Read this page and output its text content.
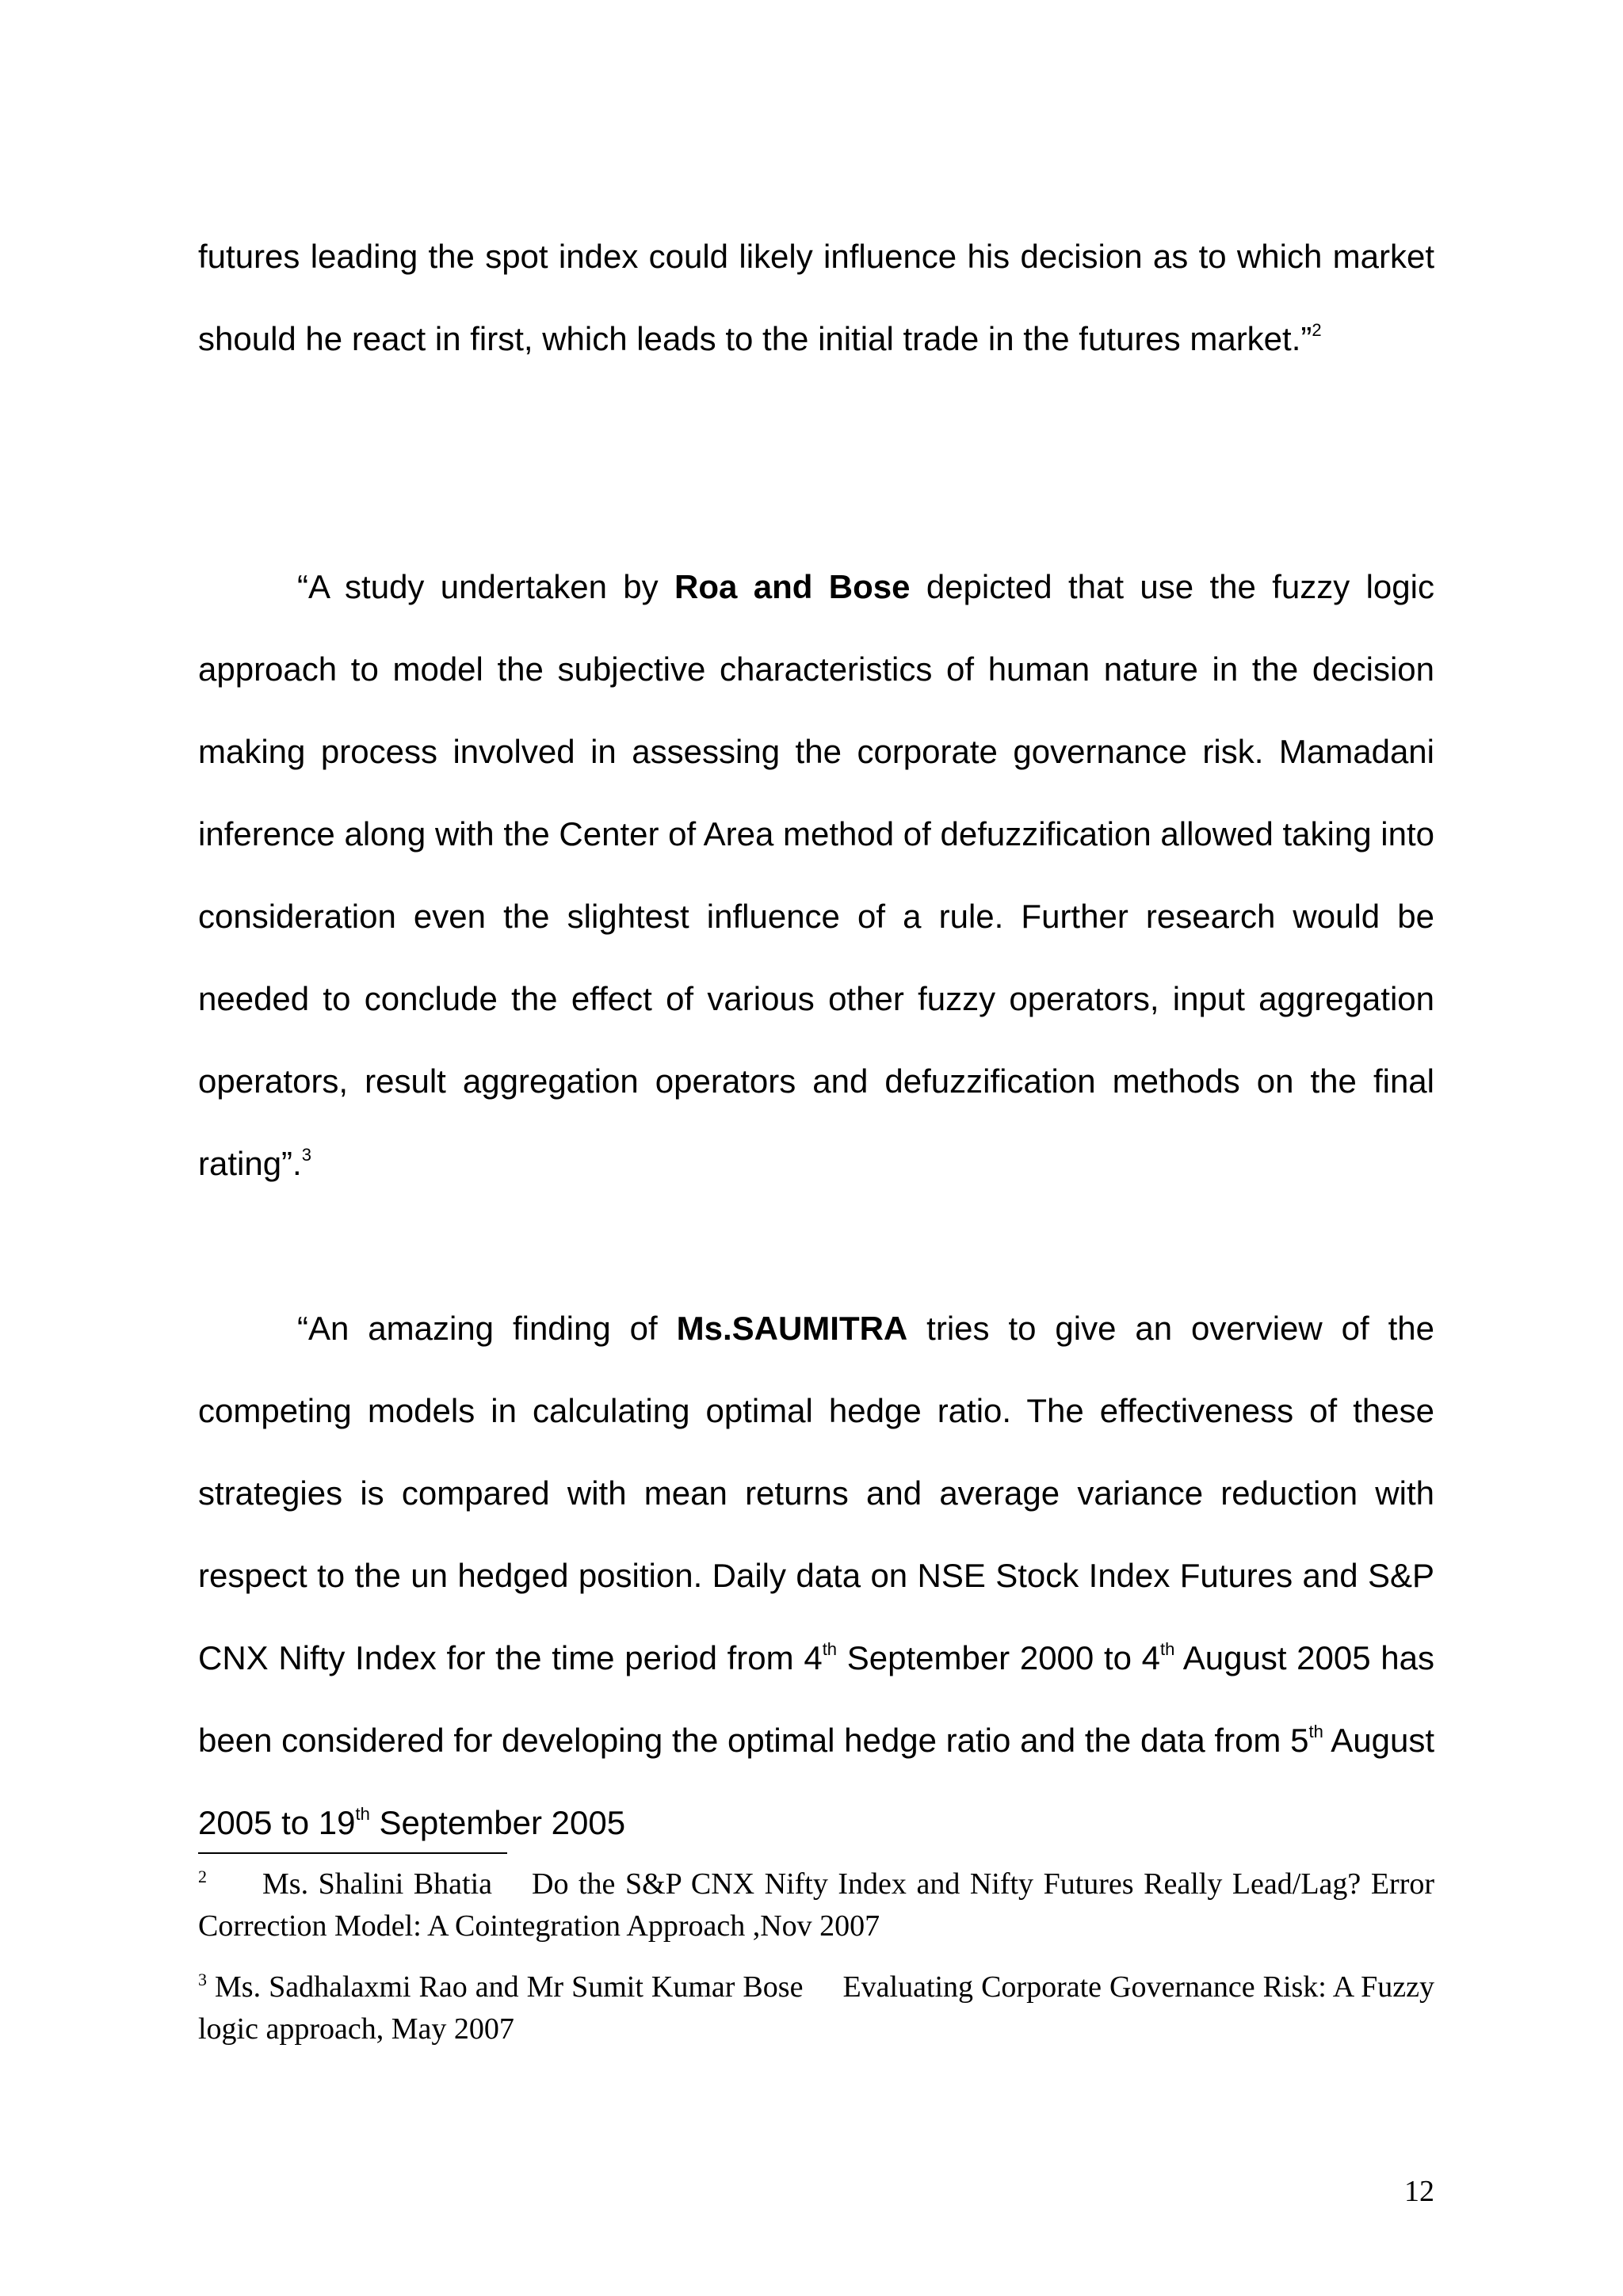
futures leading the spot index could likely influence his decision as to which market should he react in first, which leads to the initial trade in the futures market.”$^2$
“A study undertaken by Roa and Bose depicted that use the fuzzy logic approach to model the subjective characteristics of human nature in the decision making process involved in assessing the corporate governance risk. Mamadani inference along with the Center of Area method of defuzzification allowed taking into consideration even the slightest influence of a rule. Further research would be needed to conclude the effect of various other fuzzy operators, input aggregation operators, result aggregation operators and defuzzification methods on the final rating”.$^3$
“An amazing finding of Ms.SAUMITRA tries to give an overview of the competing models in calculating optimal hedge ratio. The effectiveness of these strategies is compared with mean returns and average variance reduction with respect to the un hedged position. Daily data on NSE Stock Index Futures and S&P CNX Nifty Index for the time period from 4th September 2000 to 4th August 2005 has been considered for developing the optimal hedge ratio and the data from 5th August 2005 to 19th September 2005
$^2$ Ms. Shalini Bhatia Do the S&P CNX Nifty Index and Nifty Futures Really Lead/Lag? Error Correction Model: A Cointegration Approach ,Nov 2007
$^3$ Ms. Sadhalaxmi Rao and Mr Sumit Kumar Bose Evaluating Corporate Governance Risk: A Fuzzy logic approach, May 2007
12
